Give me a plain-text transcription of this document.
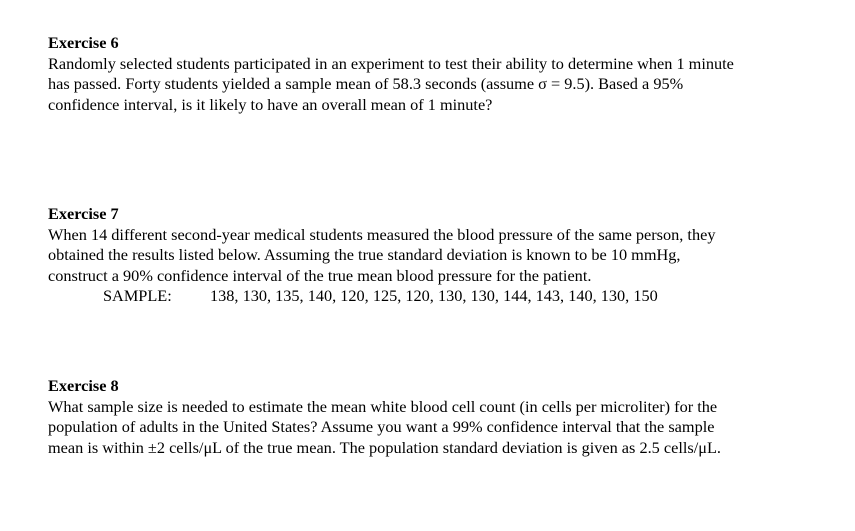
Exercise 6

Randomly selected students participated in an experiment to test their ability to determine when 1 minute

has passed. Forty students yielded a sample mean of 58.3 seconds (assume σ = 9.5). Based a 95%

confidence interval, is it likely to have an overall mean of 1 minute?

Exercise 7

When 14 different second-year medical students measured the blood pressure of the same person, they

obtained the results listed below. Assuming the true standard deviation is known to be 10 mmHg,

construct a 90% confidence interval of the true mean blood pressure for the patient.

SAMPLE: 138, 130, 135, 140, 120, 125, 120, 130, 130, 144, 143, 140, 130, 150

Exercise 8

What sample size is needed to estimate the mean white blood cell count (in cells per microliter) for the

population of adults in the United States? Assume you want a 99% confidence interval that the sample

mean is within ±2 cells/μL of the true mean. The population standard deviation is given as 2.5 cells/μL.
